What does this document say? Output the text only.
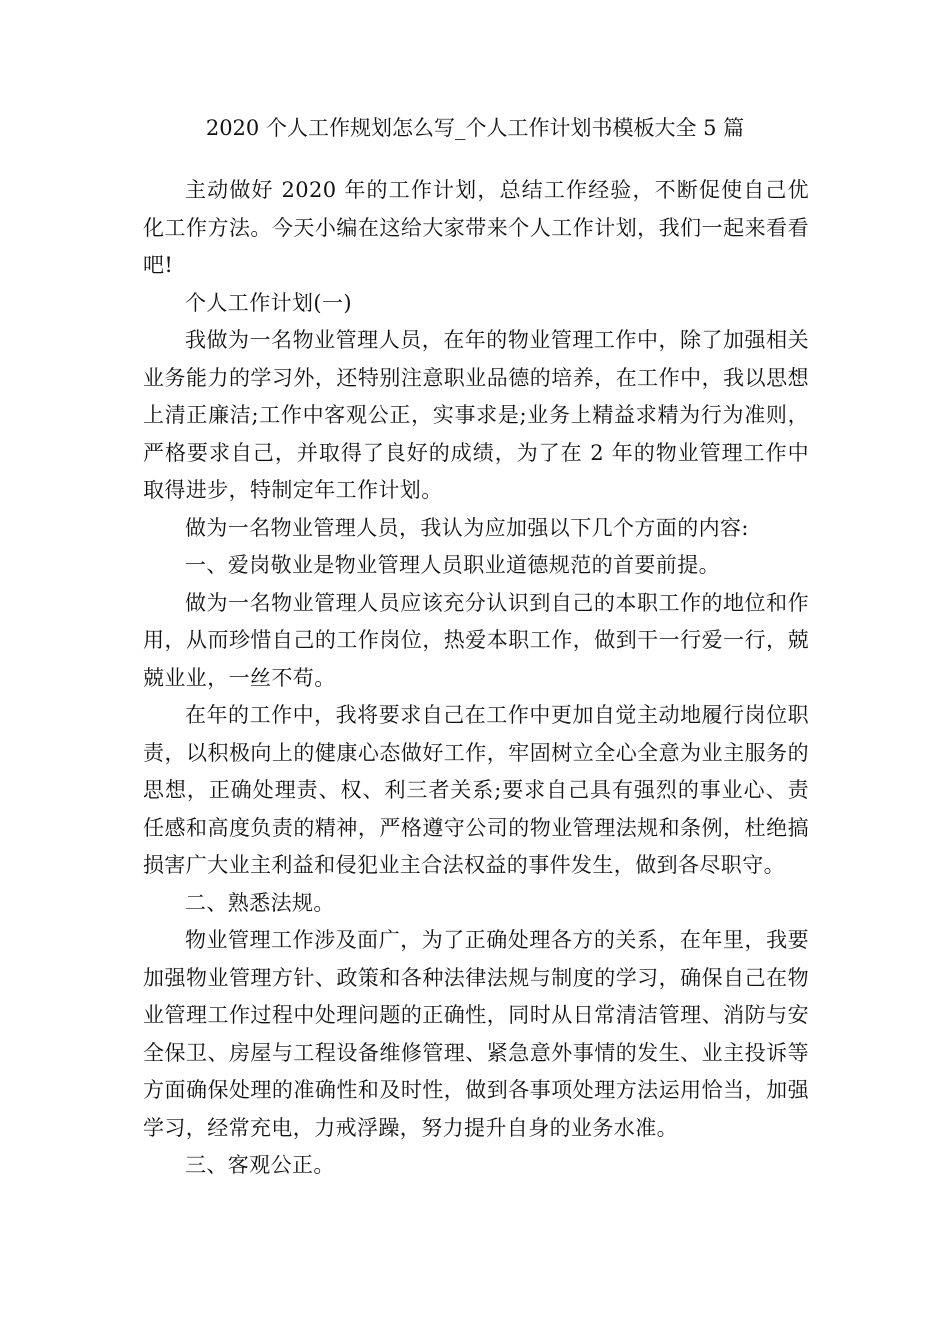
2020 个人工作规划怎么写_个人工作计划书模板大全 5 篇

主动做好 2020 年的工作计划，总结工作经验，不断促使自己优化工作方法。今天小编在这给大家带来个人工作计划，我们一起来看看吧!

个人工作计划(一)

我做为一名物业管理人员，在年的物业管理工作中，除了加强相关业务能力的学习外，还特别注意职业品德的培养，在工作中，我以思想上清正廉洁;工作中客观公正，实事求是;业务上精益求精为行为准则，严格要求自己，并取得了良好的成绩，为了在 2 年的物业管理工作中取得进步，特制定年工作计划。

做为一名物业管理人员，我认为应加强以下几个方面的内容:

一、爱岗敬业是物业管理人员职业道德规范的首要前提。

做为一名物业管理人员应该充分认识到自己的本职工作的地位和作用，从而珍惜自己的工作岗位，热爱本职工作，做到干一行爱一行，兢兢业业，一丝不苟。

在年的工作中，我将要求自己在工作中更加自觉主动地履行岗位职责，以积极向上的健康心态做好工作，牢固树立全心全意为业主服务的思想，正确处理责、权、利三者关系;要求自己具有强烈的事业心、责任感和高度负责的精神，严格遵守公司的物业管理法规和条例，杜绝搞损害广大业主利益和侵犯业主合法权益的事件发生，做到各尽职守。

二、熟悉法规。

物业管理工作涉及面广，为了正确处理各方的关系，在年里，我要加强物业管理方针、政策和各种法律法规与制度的学习，确保自己在物业管理工作过程中处理问题的正确性，同时从日常清洁管理、消防与安全保卫、房屋与工程设备维修管理、紧急意外事情的发生、业主投诉等方面确保处理的准确性和及时性，做到各事项处理方法运用恰当，加强学习，经常充电，力戒浮躁，努力提升自身的业务水准。

三、客观公正。
